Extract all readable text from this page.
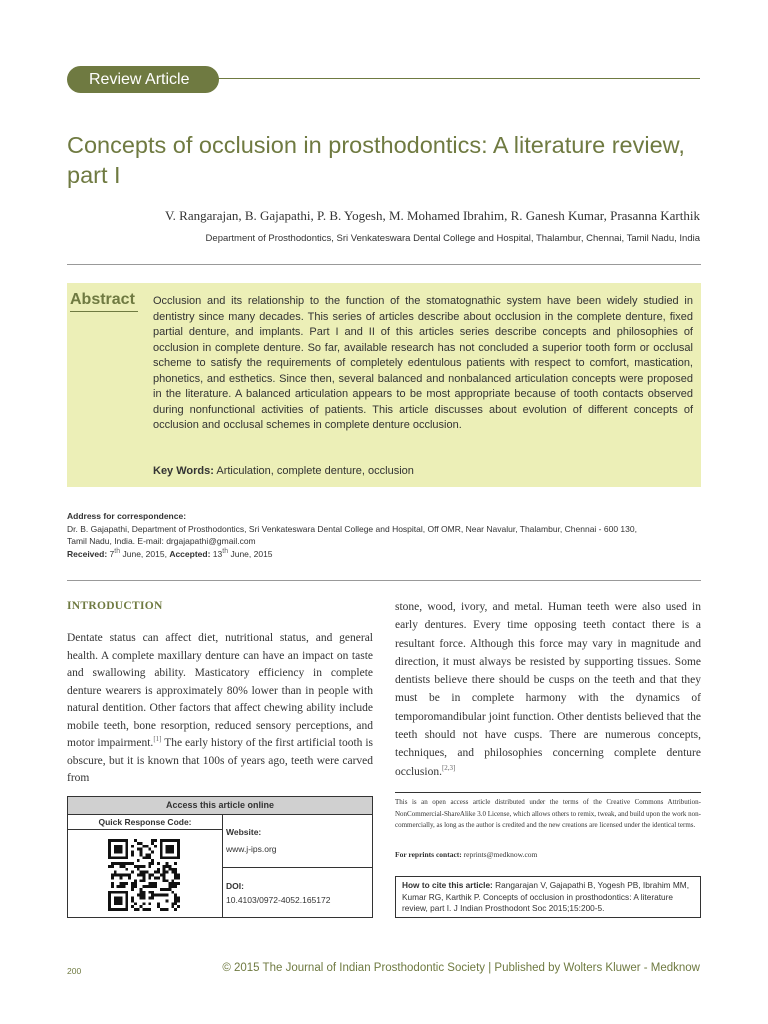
Review Article
Concepts of occlusion in prosthodontics: A literature review, part I
V. Rangarajan, B. Gajapathi, P. B. Yogesh, M. Mohamed Ibrahim, R. Ganesh Kumar, Prasanna Karthik
Department of Prosthodontics, Sri Venkateswara Dental College and Hospital, Thalambur, Chennai, Tamil Nadu, India
Abstract Occlusion and its relationship to the function of the stomatognathic system have been widely studied in dentistry since many decades. This series of articles describe about occlusion in the complete denture, fixed partial denture, and implants. Part I and II of this articles series describe concepts and philosophies of occlusion in complete denture. So far, available research has not concluded a superior tooth form or occlusal scheme to satisfy the requirements of completely edentulous patients with respect to comfort, mastication, phonetics, and esthetics. Since then, several balanced and nonbalanced articulation concepts were proposed in the literature. A balanced articulation appears to be most appropriate because of tooth contacts observed during nonfunctional activities of patients. This article discusses about evolution of different concepts of occlusion and occlusal schemes in complete denture occlusion.
Key Words: Articulation, complete denture, occlusion
Address for correspondence:
Dr. B. Gajapathi, Department of Prosthodontics, Sri Venkateswara Dental College and Hospital, Off OMR, Near Navalur, Thalambur, Chennai - 600 130,
Tamil Nadu, India. E-mail: drgajapathi@gmail.com
Received: 7th June, 2015, Accepted: 13th June, 2015
INTRODUCTION
Dentate status can affect diet, nutritional status, and general health. A complete maxillary denture can have an impact on taste and swallowing ability. Masticatory efficiency in complete denture wearers is approximately 80% lower than in people with natural dentition. Other factors that affect chewing ability include mobile teeth, bone resorption, reduced sensory perceptions, and motor impairment.[1] The early history of the first artificial tooth is obscure, but it is known that 100s of years ago, teeth were carved from
stone, wood, ivory, and metal. Human teeth were also used in early dentures. Every time opposing teeth contact there is a resultant force. Although this force may vary in magnitude and direction, it must always be resisted by supporting tissues. Some dentists believe there should be cusps on the teeth and that they must be in complete harmony with the dynamics of temporomandibular joint function. Other dentists believed that the teeth should not have cusps. There are numerous concepts, techniques, and philosophies concerning complete denture occlusion.[2,3]
Access this article online
Quick Response Code:
Website:
www.j-ips.org
DOI:
10.4103/0972-4052.165172
This is an open access article distributed under the terms of the Creative Commons Attribution-NonCommercial-ShareAlike 3.0 License, which allows others to remix, tweak, and build upon the work non-commercially, as long as the author is credited and the new creations are licensed under the identical terms.
For reprints contact: reprints@medknow.com
How to cite this article: Rangarajan V, Gajapathi B, Yogesh PB, Ibrahim MM, Kumar RG, Karthik P. Concepts of occlusion in prosthodontics: A literature review, part I. J Indian Prosthodont Soc 2015;15:200-5.
200	© 2015 The Journal of Indian Prosthodontic Society | Published by Wolters Kluwer - Medknow
